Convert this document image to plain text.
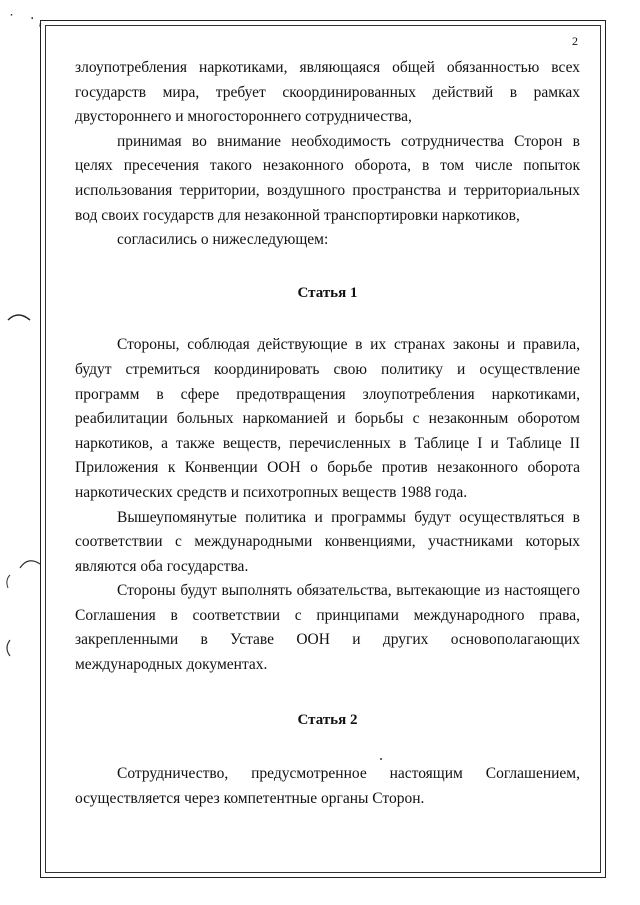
˙ · ‚
2

злоупотребления наркотиками, являющаяся общей обязанностью всех государств мира, требует скоординированных действий в рамках двустороннего и многостороннего сотрудничества,

принимая во внимание необходимость сотрудничества Сторон в целях пресечения такого незаконного оборота, в том числе попыток использования территории, воздушного пространства и территориальных вод своих государств для незаконной транспортировки наркотиков,

согласились о нижеследующем:

Статья 1

Стороны, соблюдая действующие в их странах законы и правила, будут стремиться координировать свою политику и осуществление программ в сфере предотвращения злоупотребления наркотиками, реабилитации больных наркоманией и борьбы с незаконным оборотом наркотиков, а также веществ, перечисленных в Таблице I и Таблице II Приложения к Конвенции ООН о борьбе против незаконного оборота наркотических средств и психотропных веществ 1988 года.

Вышеупомянутые политика и программы будут осуществляться в соответствии с международными конвенциями, участниками которых являются оба государства.

Стороны будут выполнять обязательства, вытекающие из настоящего Соглашения в соответствии с принципами международного права, закрепленными в Уставе ООН и других основополагающих международных документах.

Статья 2

Сотрудничество, предусмотренное настоящим Соглашением, осуществляется через компетентные органы Сторон.
